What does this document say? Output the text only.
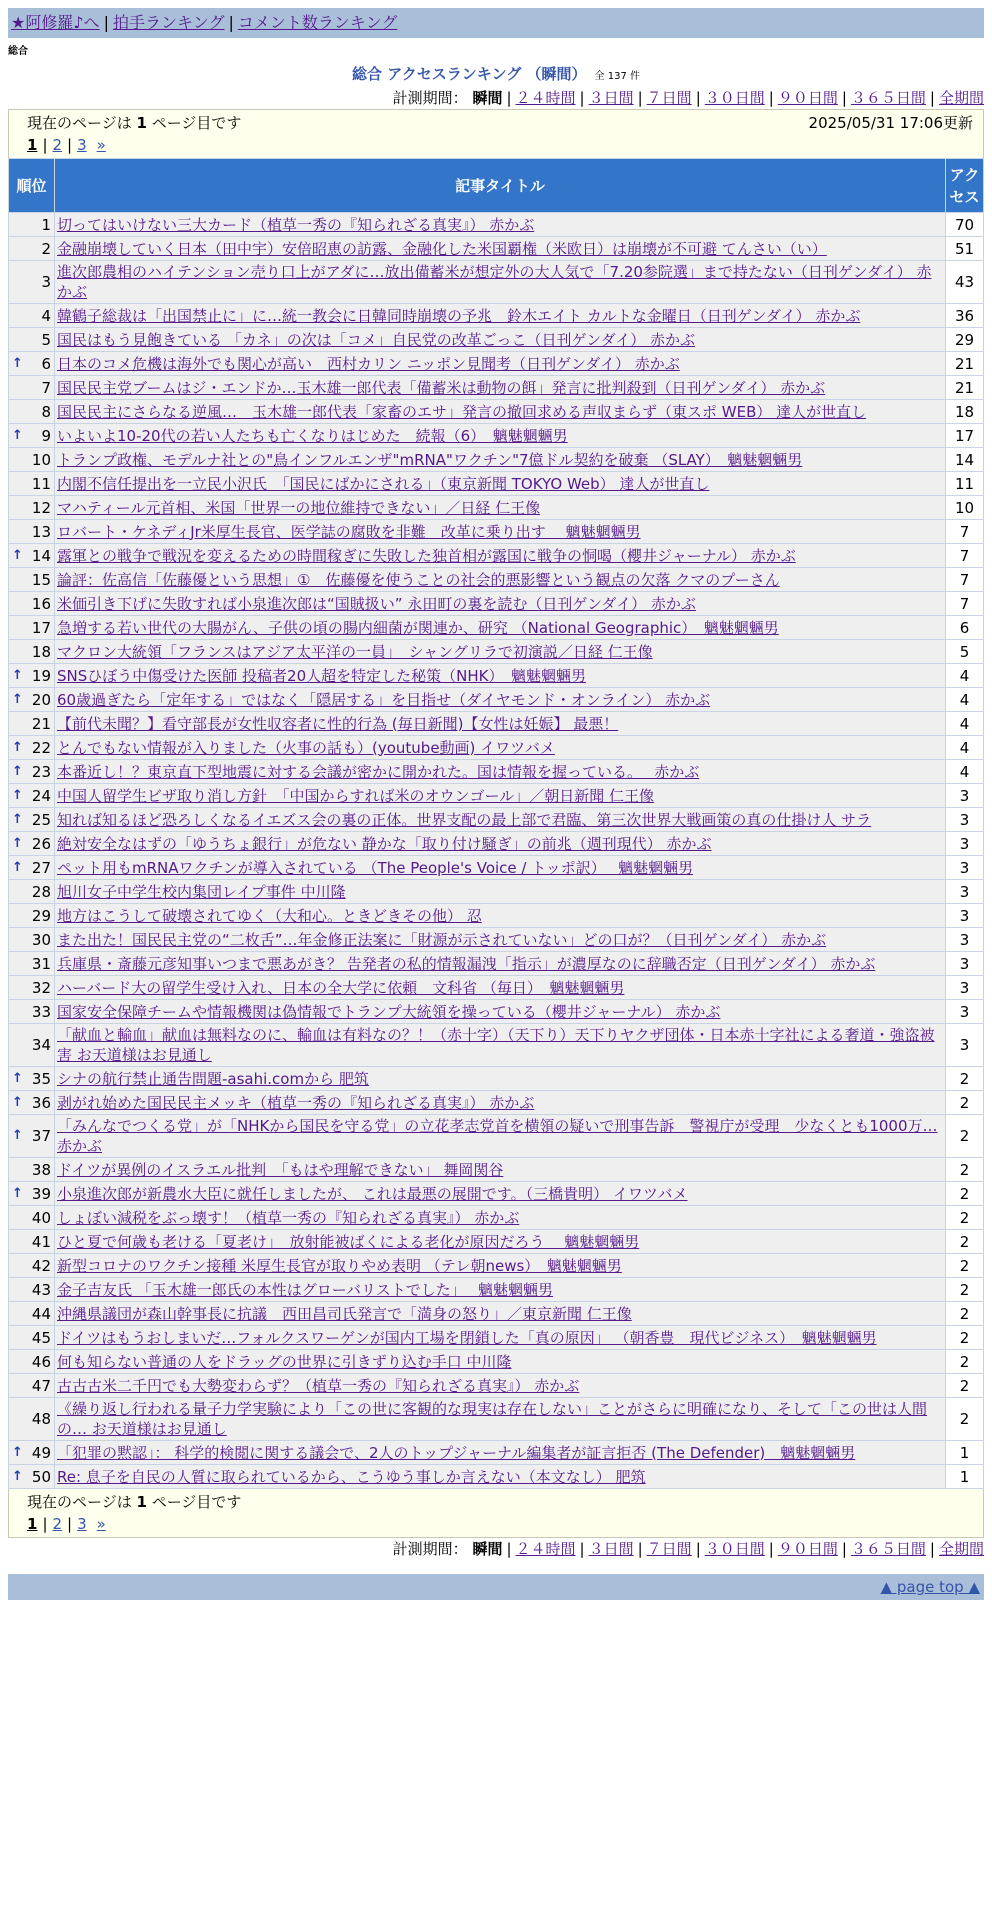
★阿修羅♪へ | 拍手ランキング | コメント数ランキング
総合
総合 アクセスランキング （瞬間） 全 137 件
計測期間： 瞬間 | ２４時間 | ３日間 | ７日間 | ３０日間 | ９０日間 | ３６５日間 | 全期間
現在のページは 1 ページ目です	2025/05/31 17:06更新
1 | 2 | 3 »
順位	記事タイトル	アクセス
1	切ってはいけない三大カード（植草一秀の『知られざる真実』） 赤かぶ	70
2	金融崩壊していく日本（田中宇）安倍昭恵の訪露、金融化した米国覇権（米欧日）は崩壊が不可避 てんさい（い）	51
3	進次郎農相のハイテンション売り口上がアダに…放出備蓄米が想定外の大人気で「7.20参院選」まで持たない（日刊ゲンダイ） 赤かぶ	43
4	韓鶴子総裁は「出国禁止に」に…統一教会に日韓同時崩壊の予兆　鈴木エイト カルトな金曜日（日刊ゲンダイ） 赤かぶ	36
5	国民はもう見飽きている 「カネ」の次は「コメ」自民党の改革ごっこ（日刊ゲンダイ） 赤かぶ	29

↑ 6	日本のコメ危機は海外でも関心が高い　西村カリン ニッポン見聞考（日刊ゲンダイ） 赤かぶ	21
7	国民民主党ブームはジ・エンドか…玉木雄一郎代表「備蓄米は動物の餌」発言に批判殺到（日刊ゲンダイ） 赤かぶ	21
8	国民民主にさらなる逆風…　玉木雄一郎代表「家畜のエサ」発言の撤回求める声収まらず（東スポ WEB） 達人が世直し	18

↑ 9	いよいよ10-20代の若い人たちも亡くなりはじめた　続報（6）　魑魅魍魎男	17
10	トランプ政権、モデルナ社との"鳥インフルエンザ"mRNA"ワクチン"7億ドル契約を破棄 （SLAY）　魑魅魍魎男	14
11	内閣不信任提出を一立民小沢氏　「国民にばかにされる」（東京新聞 TOKYO Web） 達人が世直し	11
12	マハティール元首相、米国「世界一の地位維持できない」／日経 仁王像	10
13	ロバート・ケネディJr米厚生長官、医学誌の腐敗を非難　改革に乗り出す　 魑魅魍魎男	7

↑ 14	露軍との戦争で戦況を変えるための時間稼ぎに失敗した独首相が露国に戦争の恫喝（櫻井ジャーナル） 赤かぶ	7
15	論評：佐高信「佐藤優という思想」①　佐藤優を使うことの社会的悪影響という観点の欠落 クマのプーさん	7
16	米価引き下げに失敗すれば小泉進次郎は“国賊扱い” 永田町の裏を読む（日刊ゲンダイ） 赤かぶ	7
17	急増する若い世代の大腸がん、子供の頃の腸内細菌が関連か、研究 （National Geographic）　魑魅魍魎男	6
18	マクロン大統領「フランスはアジア太平洋の一員」　シャングリラで初演説／日経 仁王像	5

↑ 19	SNSひぼう中傷受けた医師 投稿者20人超を特定した秘策（NHK）　魑魅魍魎男	4

↑ 20	60歳過ぎたら「定年する」ではなく「隠居する」を目指せ（ダイヤモンド・オンライン） 赤かぶ	4
21	【前代未聞？】看守部長が女性収容者に性的行為 (毎日新聞)【女性は妊娠】 最悪！	4

↑ 22	とんでもない情報が入りました（火事の話も）(youtube動画) イワツバメ	4

↑ 23	本番近し！？東京直下型地震に対する会議が密かに開かれた。国は情報を握っている。　 赤かぶ	4

↑ 24	中国人留学生ビザ取り消し方針　「中国からすれば米のオウンゴール」／朝日新聞 仁王像	3

↑ 25	知れば知るほど恐ろしくなるイエズス会の裏の正体。世界支配の最上部で君臨、第三次世界大戦画策の真の仕掛け人 サラ	3

↑ 26	絶対安全なはずの「ゆうちょ銀行」が危ない 静かな「取り付け騒ぎ」の前兆（週刊現代） 赤かぶ	3

↑ 27	ペット用もmRNAワクチンが導入されている （The People's Voice / トッポ訳）　 魑魅魍魎男	3
28	旭川女子中学生校内集団レイプ事件 中川隆	3
29	地方はこうして破壊されてゆく（大和心。ときどきその他） 忍	3
30	また出た！国民民主党の“二枚舌”…年金修正法案に「財源が示されていない」どの口が？（日刊ゲンダイ） 赤かぶ	3
31	兵庫県・斎藤元彦知事いつまで悪あがき？ 告発者の私的情報漏洩「指示」が濃厚なのに辞職否定（日刊ゲンダイ） 赤かぶ	3
32	ハーバード大の留学生受け入れ、日本の全大学に依頼　文科省 （毎日）　魑魅魍魎男	3
33	国家安全保障チームや情報機関は偽情報でトランプ大統領を操っている（櫻井ジャーナル） 赤かぶ	3
34	「献血と輸血」献血は無料なのに、輸血は有料なの？！（赤十字）（天下り）天下りヤクザ団体・日本赤十字社による奢道・強盗被害 お天道様はお見通し	3

↑ 35	シナの航行禁止通告問題-asahi.comから 肥筑	2

↑ 36	剥がれ始めた国民民主メッキ（植草一秀の『知られざる真実』） 赤かぶ	2

↑ 37	「みんなでつくる党」が「NHKから国民を守る党」の立花孝志党首を横領の疑いで刑事告訴　警視庁が受理　少なくとも1000万… 赤かぶ	2
38	ドイツが異例のイスラエル批判　「もはや理解できない」 舞岡関谷	2

↑ 39	小泉進次郎が新農水大臣に就任しましたが、 これは最悪の展開です。（三橋貴明） イワツバメ	2
40	しょぼい減税をぶっ壊す！（植草一秀の『知られざる真実』） 赤かぶ	2
41	ひと夏で何歳も老ける「夏老け」　放射能被ばくによる老化が原因だろう　 魑魅魍魎男	2
42	新型コロナのワクチン接種 米厚生長官が取りやめ表明 （テレ朝news）　魑魅魍魎男	2
43	金子吉友氏 「玉木雄一郎氏の本性はグローバリストでした」　 魑魅魍魎男	2
44	沖縄県議団が森山幹事長に抗議　西田昌司氏発言で「満身の怒り」／東京新聞 仁王像	2
45	ドイツはもうおしまいだ…フォルクスワーゲンが国内工場を閉鎖した「真の原因」 （朝香豊　現代ビジネス）　魑魅魍魎男	2
46	何も知らない普通の人をドラッグの世界に引きずり込む手口 中川隆	2
47	古古古米二千円でも大勢変わらず？（植草一秀の『知られざる真実』） 赤かぶ	2
48	《繰り返し行われる量子力学実験により「この世に客観的な現実は存在しない」ことがさらに明確になり、そして「この世は人間の… お天道様はお見通し	2

↑ 49	「犯罪の黙認」： 科学的検閲に関する議会で、2人のトップジャーナル編集者が証言拒否 (The Defender)　魑魅魍魎男	1

↑ 50	Re: 息子を自民の人質に取られているから、こうゆう事しか言えない（本文なし） 肥筑	1
現在のページは 1 ページ目です
1 | 2 | 3 »
計測期間： 瞬間 | ２４時間 | ３日間 | ７日間 | ３０日間 | ９０日間 | ３６５日間 | 全期間
▲ page top ▲
